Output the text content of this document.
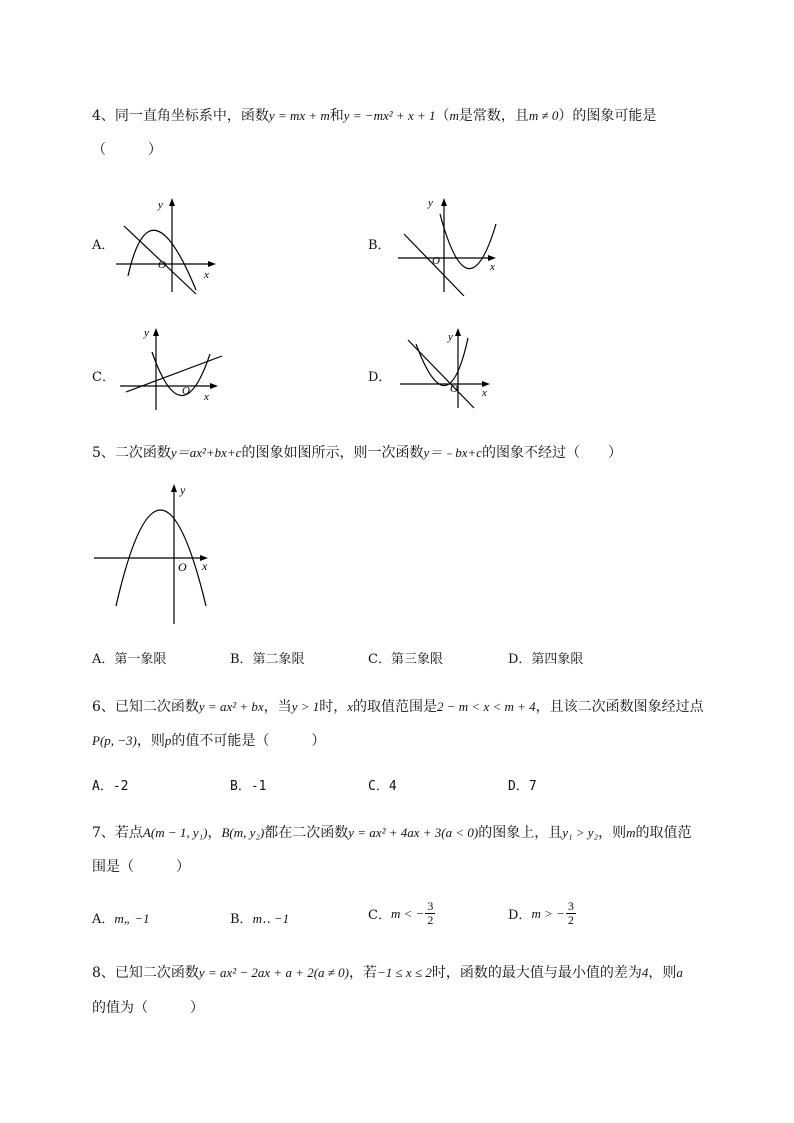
4、同一直角坐标系中，函数y = mx + m和y = −mx² + x + 1（m是常数，且m ≠ 0）的图象可能是
（　　　）
A．
y
x
O
B．
y
x
O
C．
y
x
O
D．
y
x
O
5、二次函数y＝ax²+bx+c的图象如图所示，则一次函数y＝﹣bx+c的图象不经过（　　）
y
x
O
A．第一象限	B．第二象限	C．第三象限	D．第四象限
6、已知二次函数y = ax² + bx，当y > 1时，x的取值范围是2 − m < x < m + 4，且该二次函数图象经过点
P(p, −3)，则p的值不可能是（　　　）
A．-2	B．-1	C．4	D．7
7、若点A(m − 1, y₁)，B(m, y₂)都在二次函数y = ax² + 4ax + 3(a < 0)的图象上，且y₁ > y₂，则m的取值范
围是（　　　）
A．m„ −1	B．m‥ −1	C． m < − $\frac{3}{2}$	D． m > − $\frac{3}{2}$
8、已知二次函数y = ax² − 2ax + a + 2(a ≠ 0)，若−1 ≤ x ≤ 2时，函数的最大值与最小值的差为4，则a
的值为（　　　）
